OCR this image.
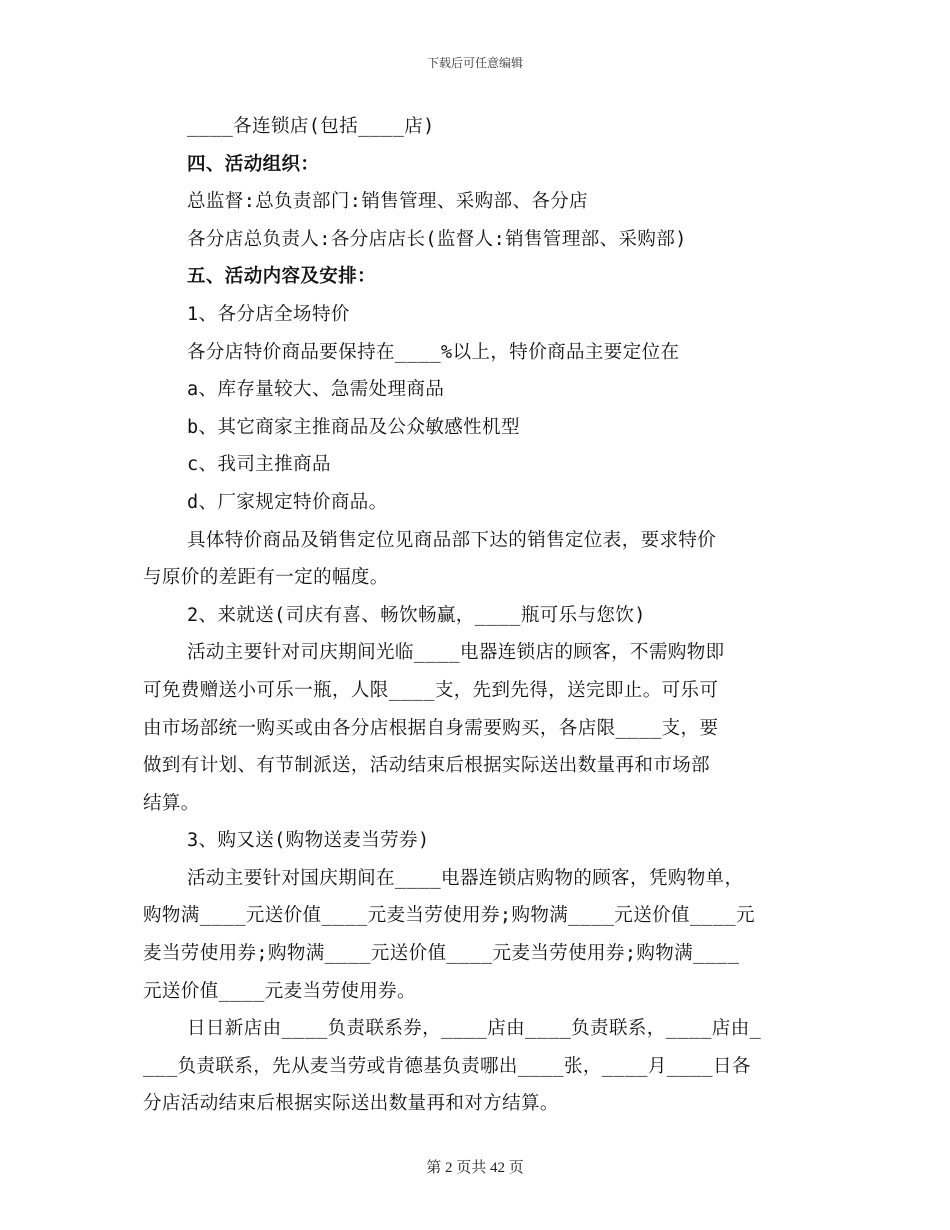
下载后可任意编辑
____各连锁店(包括____店)
四、活动组织：
总监督:总负责部门:销售管理、采购部、各分店
各分店总负责人:各分店店长(监督人:销售管理部、采购部)
五、活动内容及安排：
1、各分店全场特价
各分店特价商品要保持在____%以上，特价商品主要定位在
a、库存量较大、急需处理商品
b、其它商家主推商品及公众敏感性机型
c、我司主推商品
d、厂家规定特价商品。
具体特价商品及销售定位见商品部下达的销售定位表，要求特价
与原价的差距有一定的幅度。
2、来就送(司庆有喜、畅饮畅赢，____瓶可乐与您饮)
活动主要针对司庆期间光临____电器连锁店的顾客，不需购物即
可免费赠送小可乐一瓶，人限____支，先到先得，送完即止。可乐可
由市场部统一购买或由各分店根据自身需要购买，各店限____支，要
做到有计划、有节制派送，活动结束后根据实际送出数量再和市场部
结算。
3、购又送(购物送麦当劳券)
活动主要针对国庆期间在____电器连锁店购物的顾客，凭购物单，
购物满____元送价值____元麦当劳使用券;购物满____元送价值____元
麦当劳使用券;购物满____元送价值____元麦当劳使用券;购物满____
元送价值____元麦当劳使用券。
日日新店由____负责联系券，____店由____负责联系，____店由_
___负责联系，先从麦当劳或肯德基负责哪出____张，____月____日各
分店活动结束后根据实际送出数量再和对方结算。
第 2 页共 42 页
